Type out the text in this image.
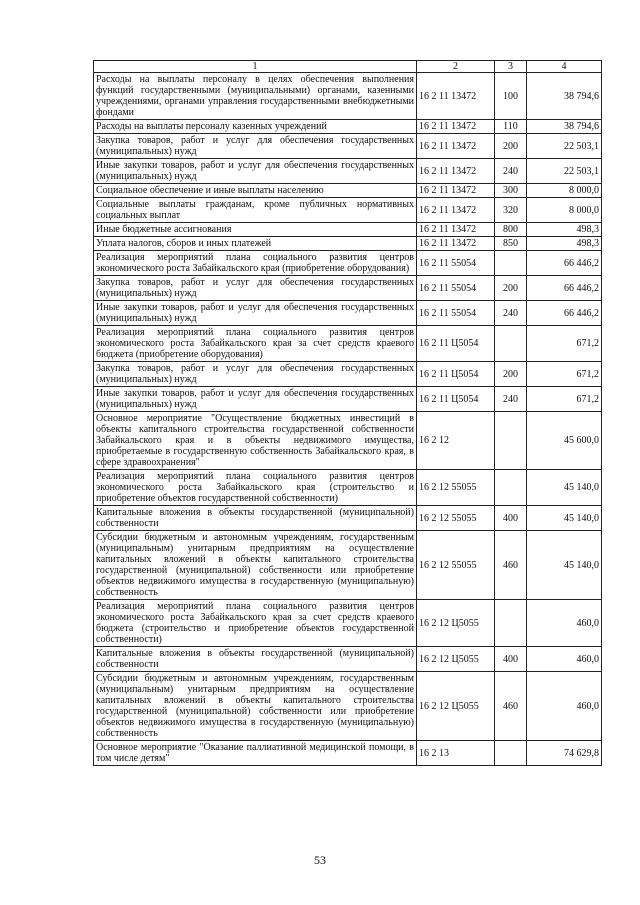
1	2	3	4
Расходы на выплаты персоналу в целях обеспечения выполнения функций государственными (муниципальными) органами, казенными учреждениями, органами управления государственными внебюджетными фондами	16 2 11 13472	100	38 794,6
Расходы на выплаты персоналу казенных учреждений	16 2 11 13472	110	38 794,6
Закупка товаров, работ и услуг для обеспечения государственных (муниципальных) нужд	16 2 11 13472	200	22 503,1
Иные закупки товаров, работ и услуг для обеспечения государственных (муниципальных) нужд	16 2 11 13472	240	22 503,1
Социальное обеспечение и иные выплаты населению	16 2 11 13472	300	8 000,0
Социальные выплаты гражданам, кроме публичных нормативных социальных выплат	16 2 11 13472	320	8 000,0
Иные бюджетные ассигнования	16 2 11 13472	800	498,3
Уплата налогов, сборов и иных платежей	16 2 11 13472	850	498,3
Реализация мероприятий плана социального развития центров экономического роста Забайкальского края (приобретение оборудования)	16 2 11 55054		66 446,2
Закупка товаров, работ и услуг для обеспечения государственных (муниципальных) нужд	16 2 11 55054	200	66 446,2
Иные закупки товаров, работ и услуг для обеспечения государственных (муниципальных) нужд	16 2 11 55054	240	66 446,2
Реализация мероприятий плана социального развития центров экономического роста Забайкальского края за счет средств краевого бюджета (приобретение оборудования)	16 2 11 Ц5054		671,2
Закупка товаров, работ и услуг для обеспечения государственных (муниципальных) нужд	16 2 11 Ц5054	200	671,2
Иные закупки товаров, работ и услуг для обеспечения государственных (муниципальных) нужд	16 2 11 Ц5054	240	671,2
Основное мероприятие "Осуществление бюджетных инвестиций в объекты капитального строительства государственной собственности Забайкальского края и в объекты недвижимого имущества, приобретаемые в государственную собственность Забайкальского края, в сфере здравоохранения"	16 2 12		45 600,0
Реализация мероприятий плана социального развития центров экономического роста Забайкальского края (строительство и приобретение объектов государственной собственности)	16 2 12 55055		45 140,0
Капитальные вложения в объекты государственной (муниципальной) собственности	16 2 12 55055	400	45 140,0
Субсидии бюджетным и автономным учреждениям, государственным (муниципальным) унитарным предприятиям на осуществление капитальных вложений в объекты капитального строительства государственной (муниципальной) собственности или приобретение объектов недвижимого имущества в государственную (муниципальную) собственность	16 2 12 55055	460	45 140,0
Реализация мероприятий плана социального развития центров экономического роста Забайкальского края за счет средств краевого бюджета (строительство и приобретение объектов государственной собственности)	16 2 12 Ц5055		460,0
Капитальные вложения в объекты государственной (муниципальной) собственности	16 2 12 Ц5055	400	460,0
Субсидии бюджетным и автономным учреждениям, государственным (муниципальным) унитарным предприятиям на осуществление капитальных вложений в объекты капитального строительства государственной (муниципальной) собственности или приобретение объектов недвижимого имущества в государственную (муниципальную) собственность	16 2 12 Ц5055	460	460,0
Основное мероприятие "Оказание паллиативной медицинской помощи, в том числе детям"	16 2 13		74 629,8
53
